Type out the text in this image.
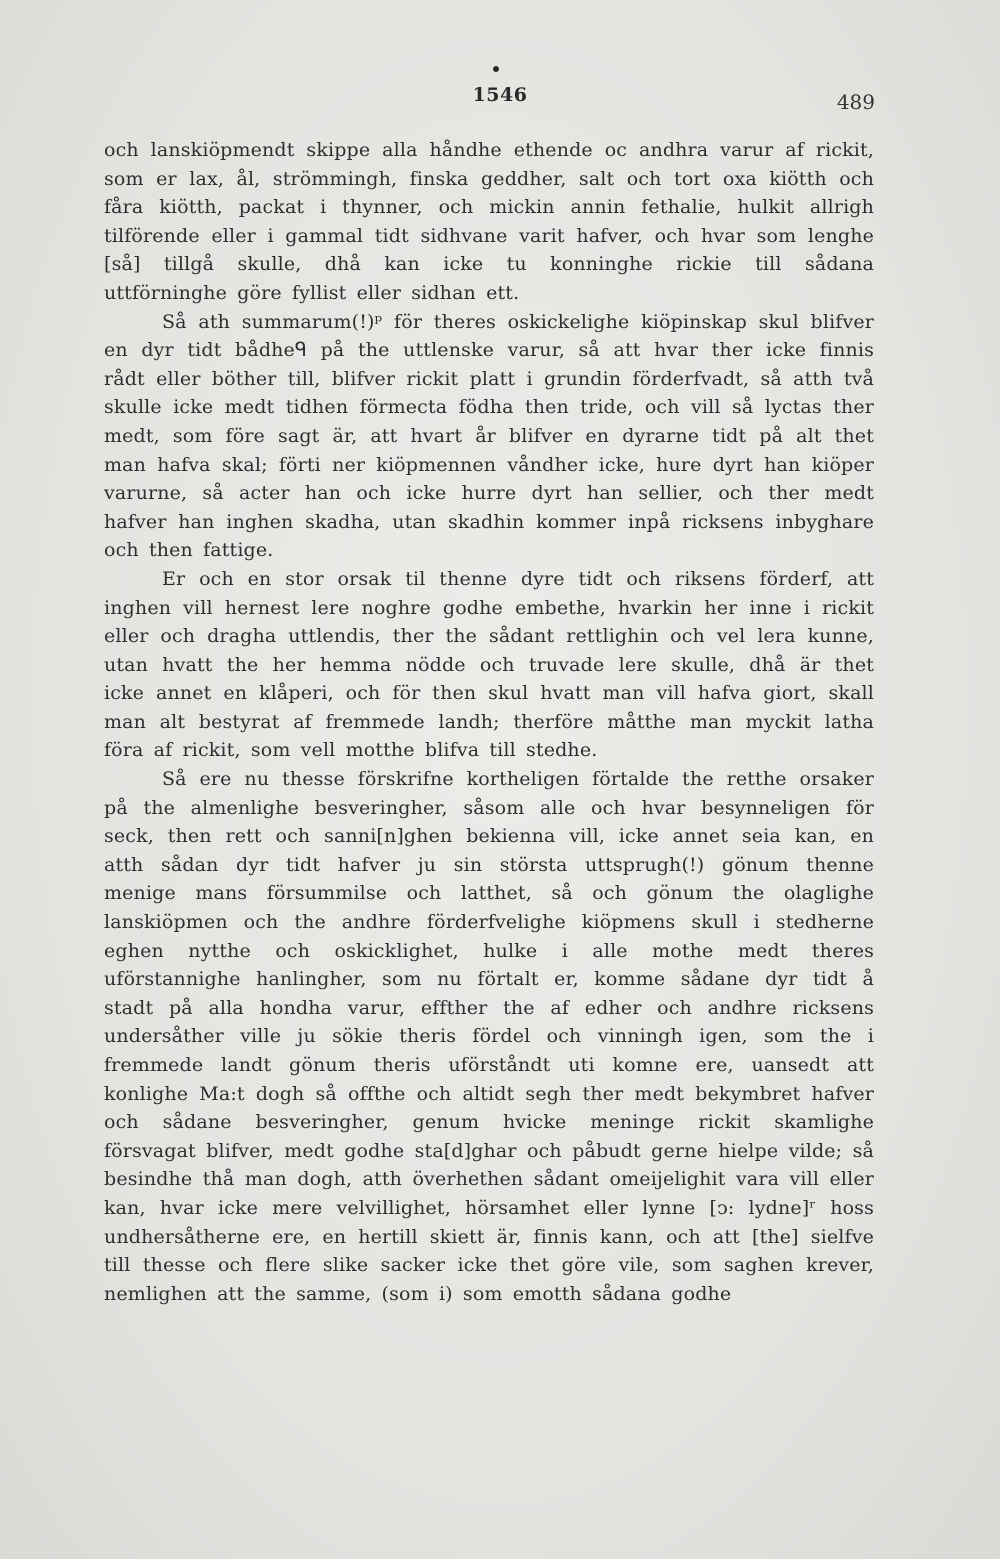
1546	489

och lanskiöpmendt skippe alla håndhe ethende oc andhra varur af rickit, som er lax, ål, strömmingh, finska geddher, salt och tort oxa kiötth och fåra kiötth, packat i thynner, och mickin annin fethalie, hulkit allrigh tilförende eller i gammal tidt sidhvane varit hafver, och hvar som lenghe [så] tillgå skulle, dhå kan icke tu konninghe rickie till sådana uttförninghe göre fyllist eller sidhan ett.

Så ath summarum(!)ᵖ för theres oskickelighe kiöpinskap skul blifver en dyr tidt bådheᑫ på the uttlenske varur, så att hvar ther icke finnis rådt eller böther till, blifver rickit platt i grundin förderfvadt, så atth två skulle icke medt tidhen förmecta födha then tride, och vill så lyctas ther medt, som före sagt är, att hvart år blifver en dyrarne tidt på alt thet man hafva skal; förti ner kiöpmennen våndher icke, hure dyrt han kiöper varurne, så acter han och icke hurre dyrt han sellier, och ther medt hafver han inghen skadha, utan skadhin kommer inpå ricksens inbyghare och then fattige.

Er och en stor orsak til thenne dyre tidt och riksens förderf, att inghen vill hernest lere noghre godhe embethe, hvarkin her inne i rickit eller och dragha uttlendis, ther the sådant rettlighin och vel lera kunne, utan hvatt the her hemma nödde och truvade lere skulle, dhå är thet icke annet en klåperi, och för then skul hvatt man vill hafva giort, skall man alt bestyrat af fremmede landh; therföre måtthe man myckit latha föra af rickit, som vell motthe blifva till stedhe.

Så ere nu thesse förskrifne kortheligen förtalde the retthe orsaker på the almenlighe besveringher, såsom alle och hvar besynneligen för seck, then rett och sanni[n]ghen bekienna vill, icke annet seia kan, en atth sådan dyr tidt hafver ju sin största uttsprugh(!) gönum thenne menige mans försummilse och latthet, så och gönum the olaglighe lanskiöpmen och the andhre förderfvelighe kiöpmens skull i stedherne eghen nytthe och oskicklighet, hulke i alle mothe medt theres uförstannighe hanlingher, som nu förtalt er, komme sådane dyr tidt å stadt på alla hondha varur, effther the af edher och andhre ricksens undersåther ville ju sökie theris fördel och vinningh igen, som the i fremmede landt gönum theris uförståndt uti komne ere, uansedt att konlighe Ma:t dogh så offthe och altidt segh ther medt bekymbret hafver och sådane besveringher, genum hvicke meninge rickit skamlighe försvagat blifver, medt godhe sta[d]ghar och påbudt gerne hielpe vilde; så besindhe thå man dogh, atth överhethen sådant omeijelighit vara vill eller kan, hvar icke mere velvillighet, hörsamhet eller lynne [ↄ: lydne]ʳ hoss undhersåtherne ere, en hertill skiett är, finnis kann, och att [the] sielfve till thesse och flere slike sacker icke thet göre vile, som saghen krever, nemlighen att the samme, (som i) som emotth sådana godhe
